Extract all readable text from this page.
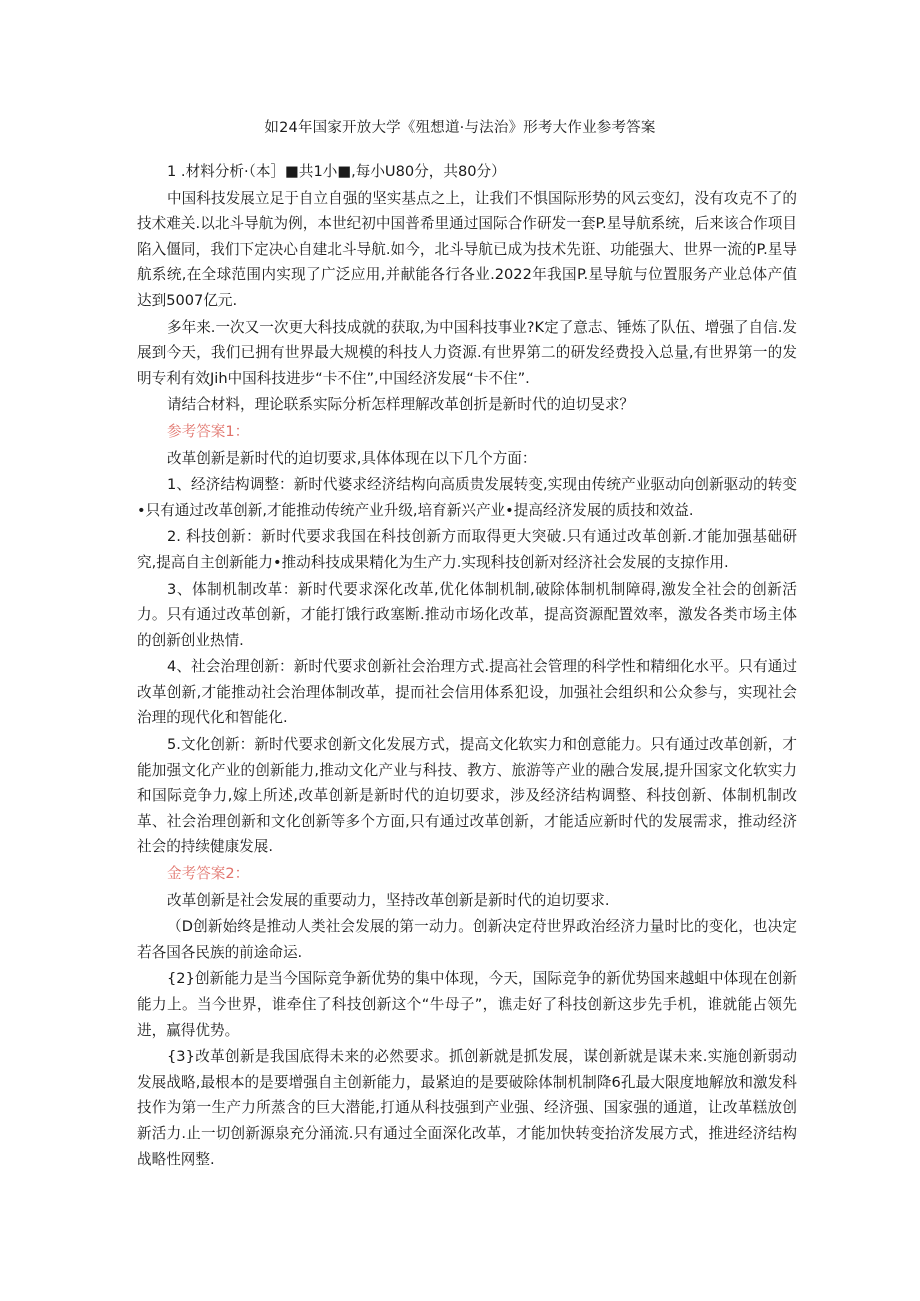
如24年国家开放大学《殂想道·与法治》形考大作业参考答案

1 .材料分析·（本］■共1小■,每小U80分，共80分）

中国科技发展立足于自立自强的坚实基点之上，让我们不惧国际形势的风云变幻，没有攻克不了的技术难关.以北斗导航为例，本世纪初中国普希里通过国际合作研发一套P.星导航系统，后来该合作项目陷入僵同，我们下定决心自建北斗导航.如今，北斗导航已成为技术先诳、功能强大、世界一流的P.星导航系统,在全球范围内实现了广泛应用,并献能各行各业.2022年我国P.星导航与位置服务产业总体产值达到5007亿元.

多年来.一次又一次更大科技成就的获取,为中国科技事业?K定了意志、锤炼了队伍、增强了自信.发展到今天，我们已拥有世界最大规模的科技人力资源.有世界第二的研发经费投入总量,有世界第一的发明专利有效Jih中国科技进步“卡不住”,中国经济发展“卡不住”.

请结合材料，理论联系实际分析怎样理解改革创折是新时代的迫切旻求？

参考答案1：

改革创新是新时代的迫切要求,具体体现在以下几个方面：

1、经济结构调整：新时代婆求经济结构向高质贵发展转变,实现由传统产业驱动向创新驱动的转变•只有通过改革创新,才能推动传统产业升级,培育新兴产业•提高经济发展的质技和效益.

2. 科技创新：新时代要求我国在科技创新方而取得更大突破.只有通过改革创新.才能加强基础研究,提高自主创新能力•推动科技成果精化为生产力.实现科技创新对经济社会发展的支掠作用.

3、体制机制改革：新时代要求深化改革,优化体制机制,破除体制机制障碍,激发全社会的创新活力。只有通过改革创新，才能打饿行政塞断.推动市场化改革，提高资源配置效率，激发各类市场主体的创新创业热情.

4、社会治理创新：新时代要求创新社会治理方式.提高社会管理的科学性和精细化水平。只有通过改革创新,才能推动社会治理体制改革，提而社会信用体系犯设，加强社会组织和公众参与，实现社会治理的现代化和智能化.

5.文化创新：新时代要求创新文化发展方式，提高文化软实力和创意能力。只有通过改革创新，才能加强文化产业的创新能力,推动文化产业与科技、教方、旅游等产业的融合发展,提升国家文化软实力和国际竞争力,嫁上所述,改革创新是新时代的迫切要求，涉及经济结构调整、科技创新、体制机制改革、社会治理创新和文化创新等多个方面,只有通过改革创新，才能适应新时代的发展需求，推动经济社会的持续健康发展.

金考答案2：

改革创新是社会发展的重要动力，坚持改革创新是新时代的迫切要求.

（D创新始终是推动人类社会发展的第一动力。创新决定苻世界政治经济力量时比的变化，也决定若各国各民族的前途命运.

{2}创新能力是当今国际竞争新优势的集中体现，今天，国际竞争的新优势国来越蛆中体现在创新能力上。当今世界，谁牵住了科技创新这个“牛母子”，谯走好了科技创新这步先手机，谁就能占领先进，赢得优势。

{3}改革创新是我国底得未来的必然要求。抓创新就是抓发展，谋创新就是谋未来.实施创新弱动发展战略,最根本的是要增强自主创新能力，最紧迫的是要破除体制机制降6孔最大限度地解放和激发科技作为第一生产力所蒸含的巨大潜能,打通从科技强到产业强、经济强、国家强的通道，让改革糕放创新活力.止一切创新源泉充分涌流.只有通过全面深化改革，才能加快转变抬济发展方式，推进经济结构战略性网整.
